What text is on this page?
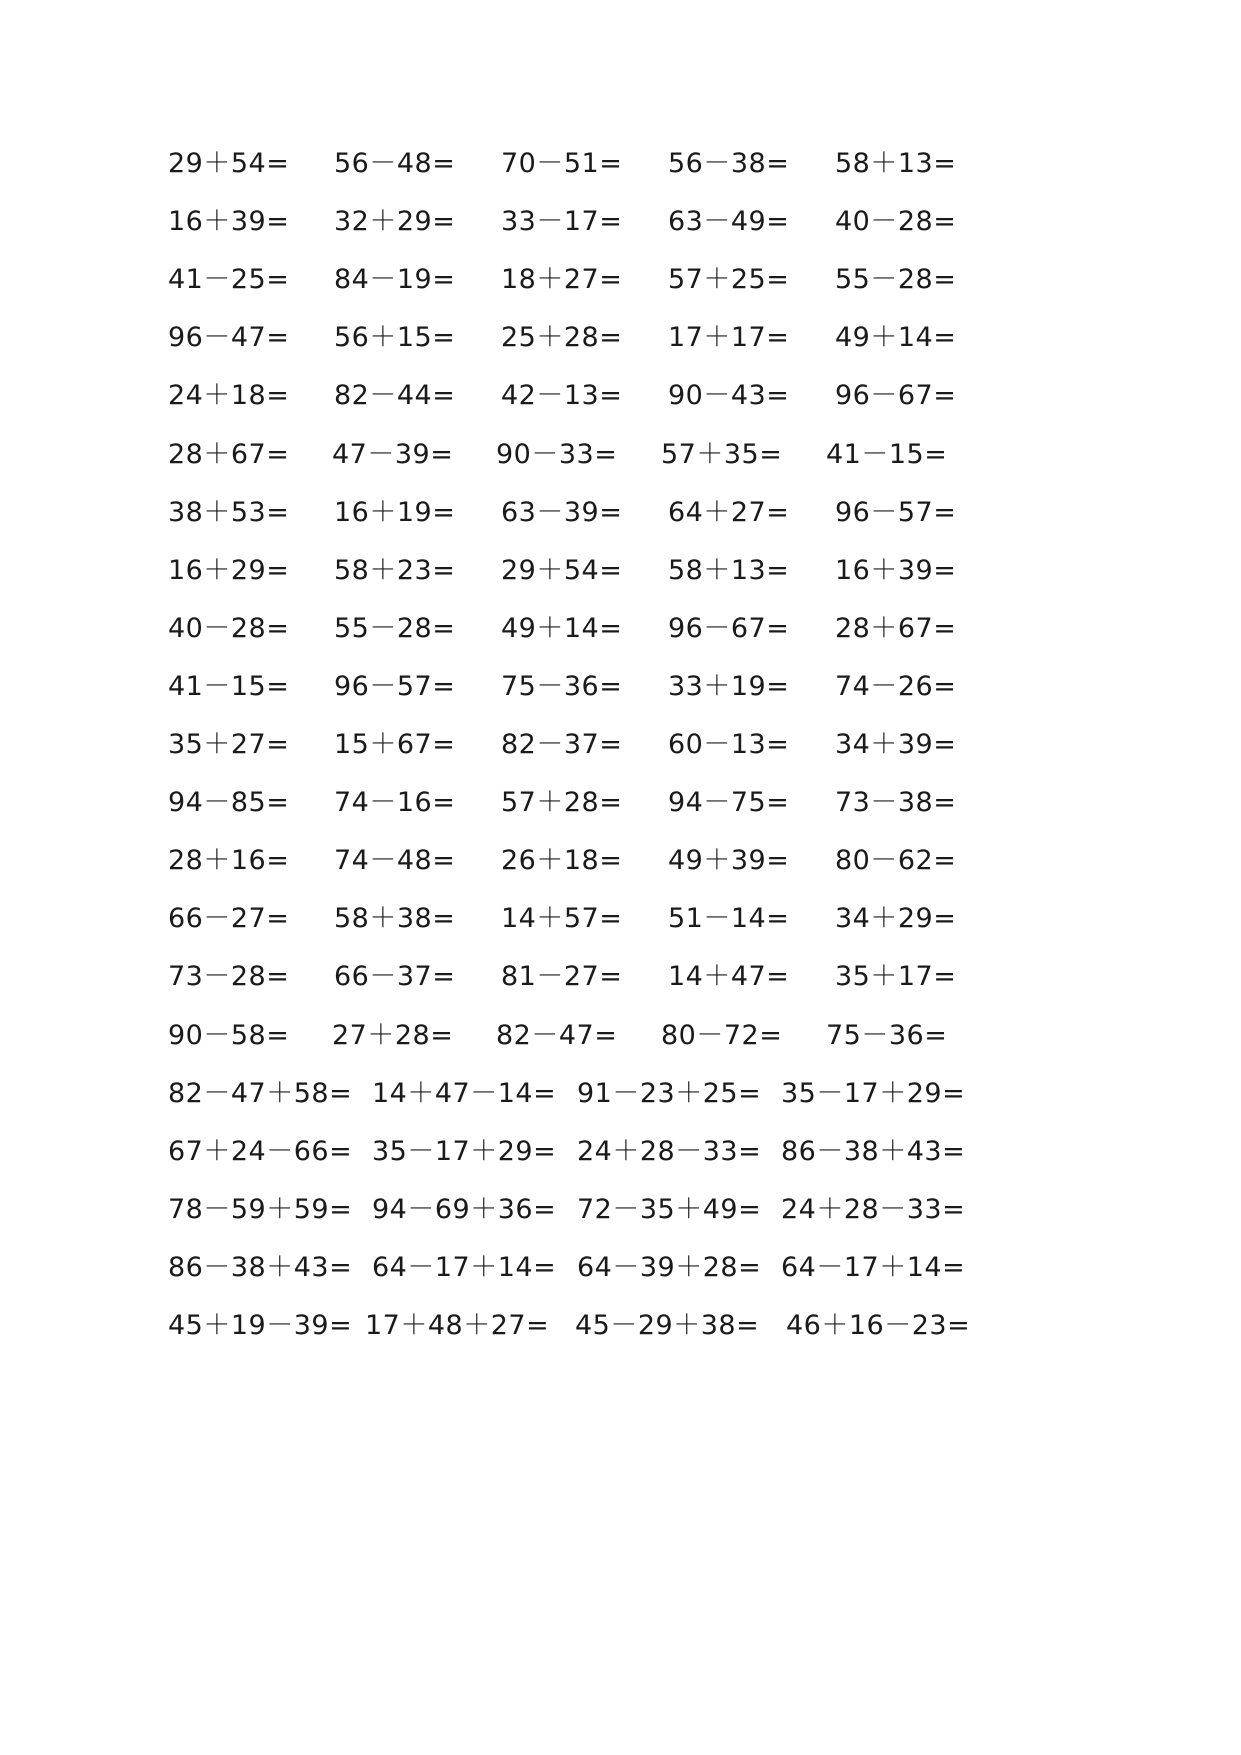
29＋54= 56－48= 70－51= 56－38= 58＋13=
16＋39= 32＋29= 33－17= 63－49= 40－28=
41－25= 84－19= 18＋27= 57＋25= 55－28=
96－47= 56＋15= 25＋28= 17＋17= 49＋14=
24＋18= 82－44= 42－13= 90－43= 96－67=
28＋67= 47－39= 90－33= 57＋35= 41－15=
38＋53= 16＋19= 63－39= 64＋27= 96－57=
16＋29= 58＋23= 29＋54= 58＋13= 16＋39=
40－28= 55－28= 49＋14= 96－67= 28＋67=
41－15= 96－57= 75－36= 33＋19= 74－26=
35＋27= 15＋67= 82－37= 60－13= 34＋39=
94－85= 74－16= 57＋28= 94－75= 73－38=
28＋16= 74－48= 26＋18= 49＋39= 80－62=
66－27= 58＋38= 14＋57= 51－14= 34＋29=
73－28= 66－37= 81－27= 14＋47= 35＋17=
90－58= 27＋28= 82－47= 80－72= 75－36=
82－47＋58= 14＋47－14= 91－23＋25= 35－17＋29=
67＋24－66= 35－17＋29= 24＋28－33= 86－38＋43=
78－59＋59= 94－69＋36= 72－35＋49= 24＋28－33=
86－38＋43= 64－17＋14= 64－39＋28= 64－17＋14=
45＋19－39= 17＋48＋27= 45－29＋38= 46＋16－23=
